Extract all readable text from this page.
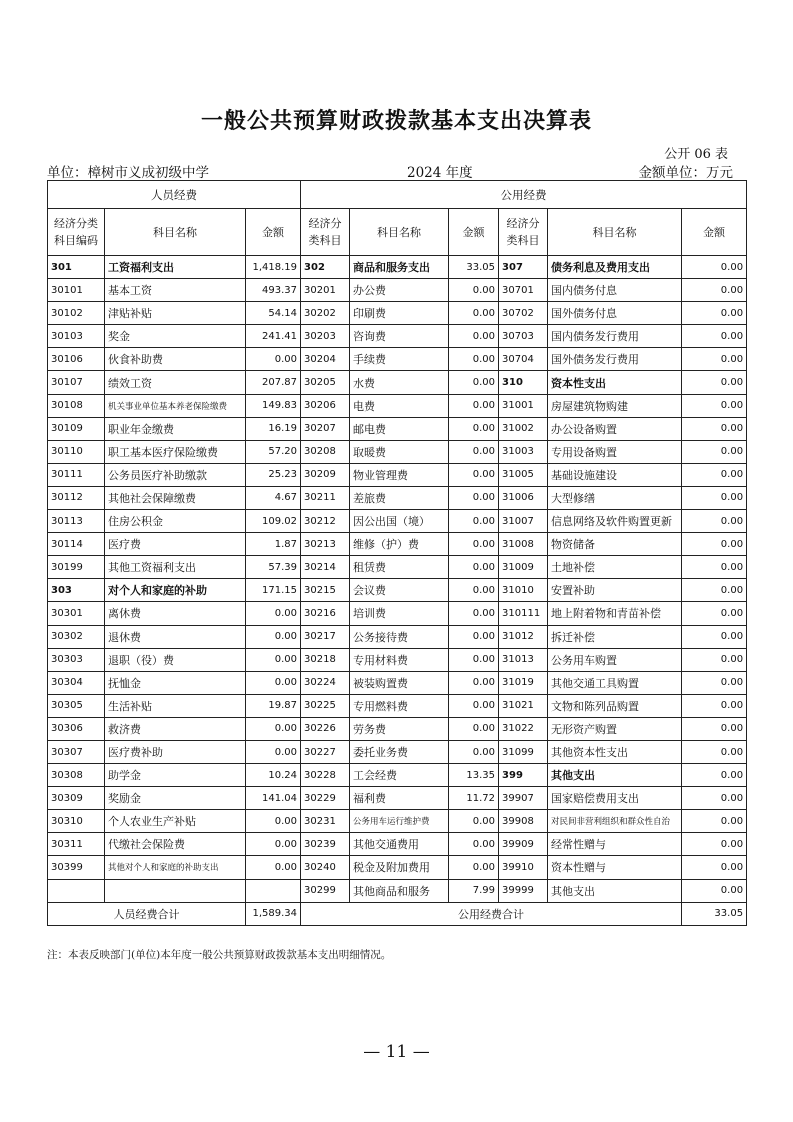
一般公共预算财政拨款基本支出决算表
公开 06 表
单位：樟树市义成初级中学	2024 年度	金额单位：万元
人员经费			公用经费					
经济分类科目编码	科目名称	金额	经济分类科目	科目名称	金额	经济分类科目	科目名称	金额
301	工资福利支出	1,418.19	302	商品和服务支出	33.05	307	债务利息及费用支出	0.00
30101	基本工资	493.37	30201	办公费	0.00	30701	国内债务付息	0.00
30102	津贴补贴	54.14	30202	印刷费	0.00	30702	国外债务付息	0.00
30103	奖金	241.41	30203	咨询费	0.00	30703	国内债务发行费用	0.00
30106	伙食补助费	0.00	30204	手续费	0.00	30704	国外债务发行费用	0.00
30107	绩效工资	207.87	30205	水费	0.00	310	资本性支出	0.00
30108	机关事业单位基本养老保险缴费	149.83	30206	电费	0.00	31001	房屋建筑物购建	0.00
30109	职业年金缴费	16.19	30207	邮电费	0.00	31002	办公设备购置	0.00
30110	职工基本医疗保险缴费	57.20	30208	取暖费	0.00	31003	专用设备购置	0.00
30111	公务员医疗补助缴款	25.23	30209	物业管理费	0.00	31005	基础设施建设	0.00
30112	其他社会保障缴费	4.67	30211	差旅费	0.00	31006	大型修缮	0.00
30113	住房公积金	109.02	30212	因公出国（境）	0.00	31007	信息网络及软件购置更新	0.00
30114	医疗费	1.87	30213	维修（护）费	0.00	31008	物资储备	0.00
30199	其他工资福利支出	57.39	30214	租赁费	0.00	31009	土地补偿	0.00
303	对个人和家庭的补助	171.15	30215	会议费	0.00	31010	安置补助	0.00
30301	离休费	0.00	30216	培训费	0.00	310111	地上附着物和青苗补偿	0.00
30302	退休费	0.00	30217	公务接待费	0.00	31012	拆迁补偿	0.00
30303	退职（役）费	0.00	30218	专用材料费	0.00	31013	公务用车购置	0.00
30304	抚恤金	0.00	30224	被装购置费	0.00	31019	其他交通工具购置	0.00
30305	生活补贴	19.87	30225	专用燃料费	0.00	31021	文物和陈列品购置	0.00
30306	救济费	0.00	30226	劳务费	0.00	31022	无形资产购置	0.00
30307	医疗费补助	0.00	30227	委托业务费	0.00	31099	其他资本性支出	0.00
30308	助学金	10.24	30228	工会经费	13.35	399	其他支出	0.00
30309	奖励金	141.04	30229	福利费	11.72	39907	国家赔偿费用支出	0.00
30310	个人农业生产补贴	0.00	30231	公务用车运行维护费	0.00	39908	对民间非营利组织和群众性自治	0.00
30311	代缴社会保险费	0.00	30239	其他交通费用	0.00	39909	经常性赠与	0.00
30399	其他对个人和家庭的补助支出	0.00	30240	税金及附加费用	0.00	39910	资本性赠与	0.00
			30299	其他商品和服务	7.99	39999	其他支出	0.00
人员经费合计		1,589.34	公用经费合计					33.05
注：本表反映部门(单位)本年度一般公共预算财政拨款基本支出明细情况。
— 11 —
